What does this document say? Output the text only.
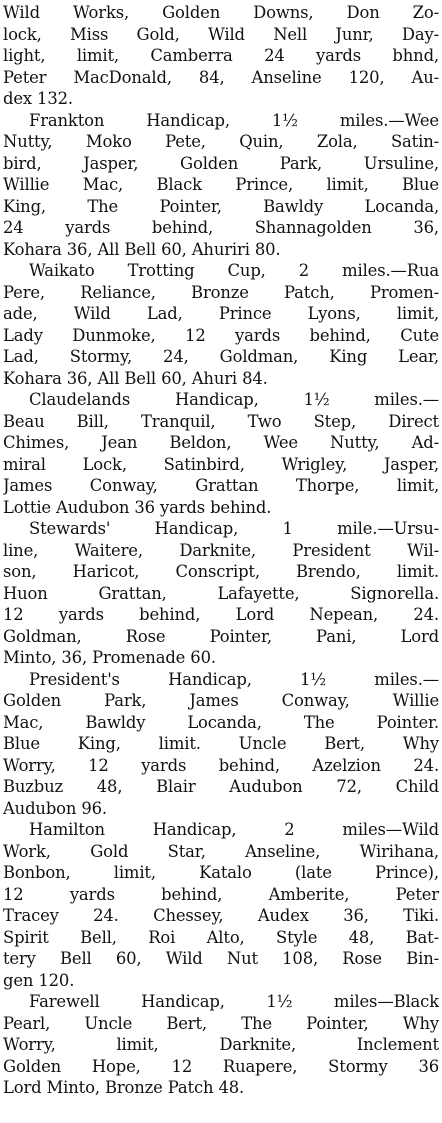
Wild Works, Golden Downs, Don Zo-
lock, Miss Gold, Wild Nell Junr, Day-
light, limit, Camberra 24 yards bhnd,
Peter MacDonald, 84, Anseline 120, Au-
dex 132.
Frankton Handicap, 1½ miles.—Wee
Nutty, Moko Pete, Quin, Zola, Satin-
bird, Jasper, Golden Park, Ursuline,
Willie Mac, Black Prince, limit, Blue
King, The Pointer, Bawldy Locanda,
24 yards behind, Shannagolden 36,
Kohara 36, All Bell 60, Ahuriri 80.
Waikato Trotting Cup, 2 miles.—Rua
Pere, Reliance, Bronze Patch, Promen-
ade, Wild Lad, Prince Lyons, limit,
Lady Dunmoke, 12 yards behind, Cute
Lad, Stormy, 24, Goldman, King Lear,
Kohara 36, All Bell 60, Ahuri 84.
Claudelands Handicap, 1½ miles.—
Beau Bill, Tranquil, Two Step, Direct
Chimes, Jean Beldon, Wee Nutty, Ad-
miral Lock, Satinbird, Wrigley, Jasper,
James Conway, Grattan Thorpe, limit,
Lottie Audubon 36 yards behind.
Stewards' Handicap, 1 mile.—Ursu-
line, Waitere, Darknite, President Wil-
son, Haricot, Conscript, Brendo, limit.
Huon Grattan, Lafayette, Signorella.
12 yards behind, Lord Nepean, 24.
Goldman, Rose Pointer, Pani, Lord
Minto, 36, Promenade 60.
President's Handicap, 1½ miles.—
Golden Park, James Conway, Willie
Mac, Bawldy Locanda, The Pointer.
Blue King, limit. Uncle Bert, Why
Worry, 12 yards behind, Azelzion 24.
Buzbuz 48, Blair Audubon 72, Child
Audubon 96.
Hamilton Handicap, 2 miles—Wild
Work, Gold Star, Anseline, Wirihana,
Bonbon, limit, Katalo (late Prince),
12 yards behind, Amberite, Peter
Tracey 24. Chessey, Audex 36, Tiki.
Spirit Bell, Roi Alto, Style 48, Bat-
tery Bell 60, Wild Nut 108, Rose Bin-
gen 120.
Farewell Handicap, 1½ miles—Black
Pearl, Uncle Bert, The Pointer, Why
Worry, limit, Darknite, Inclement
Golden Hope, 12 Ruapere, Stormy 36
Lord Minto, Bronze Patch 48.
